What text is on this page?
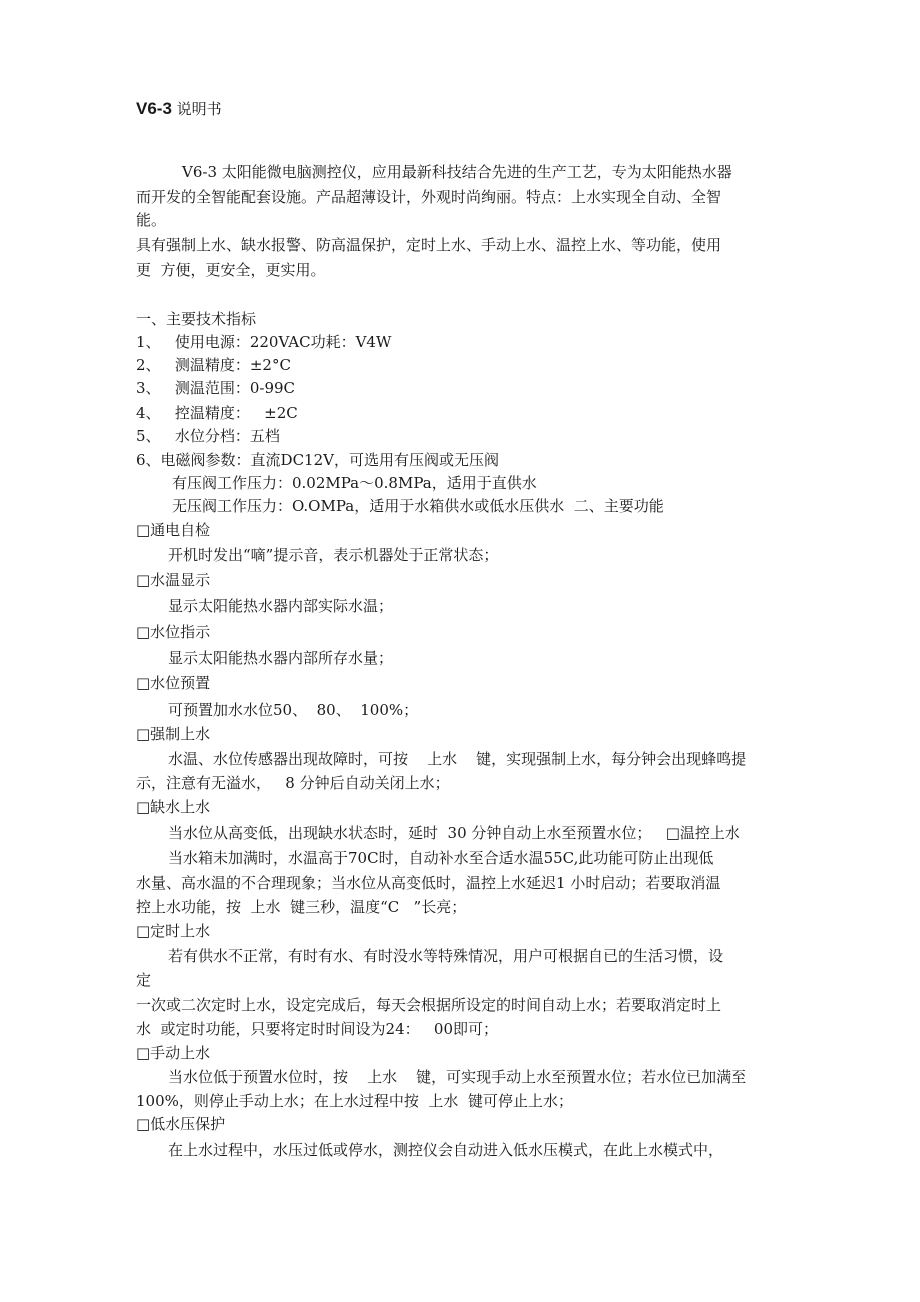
V6-3 说明书
V6-3 太阳能微电脑测控仪，应用最新科技结合先进的生产工艺，专为太阳能热水器
而开发的全智能配套设施。产品超薄设计，外观时尚绚丽。特点：上水实现全自动、全智
能。
具有强制上水、缺水报警、防高温保护，定时上水、手动上水、温控上水、等功能，使用
更  方便，更安全，更实用。
一、主要技术指标
1、   使用电源：220VAC功耗：V4W
2、   测温精度：±2°C
3、   测温范围：0-99C
4、   控温精度：   ±2C
5、   水位分档：五档
6、电磁阀参数：直流DC12V，可选用有压阀或无压阀
有压阀工作压力：0.02MPa～0.8MPa，适用于直供水
无压阀工作压力：O.OMPa，适用于水箱供水或低水压供水  二、主要功能
□通电自检
开机时发出“嘀”提示音，表示机器处于正常状态；
□水温显示
显示太阳能热水器内部实际水温；
□水位指示
显示太阳能热水器内部所存水量；
□水位预置
可预置加水水位50、  80、  100%；
□强制上水
水温、水位传感器出现故障时，可按    上水    键，实现强制上水，每分钟会出现蜂鸣提
示，注意有无溢水，   8 分钟后自动关闭上水；
□缺水上水
当水位从高变低，出现缺水状态时，延时  30 分钟自动上水至预置水位；   □温控上水
当水箱未加满时，水温高于70C时，自动补水至合适水温55C,此功能可防止出现低
水量、高水温的不合理现象；当水位从高变低时，温控上水延迟1 小时启动；若要取消温
控上水功能，按  上水  键三秒，温度“C   ”长亮；
□定时上水
若有供水不正常，有时有水、有时没水等特殊情况，用户可根据自已的生活习惯，设
定
一次或二次定时上水，设定完成后，每天会根据所设定的时间自动上水；若要取消定时上
水  或定时功能，只要将定时时间设为24：   00即可；
□手动上水
当水位低于预置水位时，按    上水    键，可实现手动上水至预置水位；若水位已加满至
100%，则停止手动上水；在上水过程中按  上水  键可停止上水；
□低水压保护
在上水过程中，水压过低或停水，测控仪会自动进入低水压模式，在此上水模式中，
